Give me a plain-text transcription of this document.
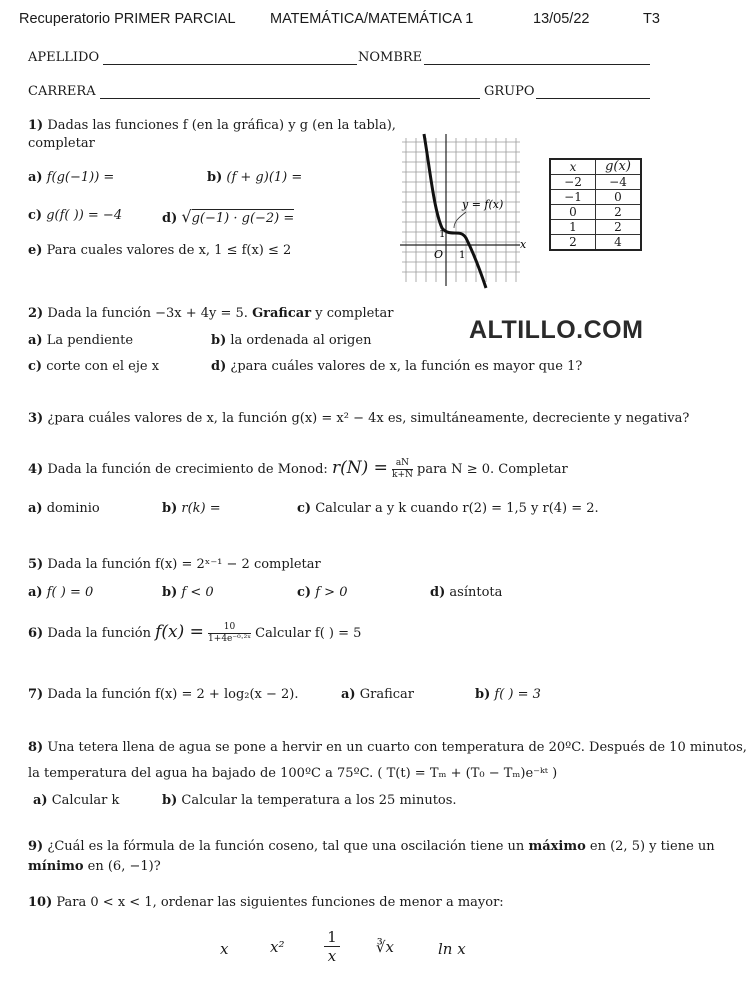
Recuperatorio PRIMER PARCIAL MATEMÁTICA/MATEMÁTICA 1	13/05/22	T3
APELLIDO	NOMBRE
CARRERA	GRUPO
1) Dadas las funciones f (en la gráfica) y g (en la tabla),
completar
a) f(g(−1)) =	b) (f + g)(1) =
c) g(f( )) = −4	d) √g(−1) · g(−2) =
e) Para cuales valores de x, 1 ≤ f(x) ≤ 2
y = f(x)
x
O 1
1
x	g(x)
−2	−4
−1	0
0	2
1	2
2	4
2) Dada la función −3x + 4y = 5. Graficar y completar
ALTILLO.COM
a) La pendiente	b) la ordenada al origen
c) corte con el eje x	d) ¿para cuáles valores de x, la función es mayor que 1?
3) ¿para cuáles valores de x, la función g(x) = x² − 4x es, simultáneamente, decreciente y negativa?
4) Dada la función de crecimiento de Monod: $r(N) = \frac{aN}{k+N}$ para N ≥ 0. Completar
a) dominio	b) r(k) =	c) Calcular a y k cuando r(2) = 1,5 y r(4) = 2.
5) Dada la función f(x) = 2ˣ⁻¹ − 2 completar
a) f( ) = 0	b) f < 0	c) f > 0	d) asíntota
6) Dada la función $f(x) = \frac{10}{\text{1+4e⁻⁰·²ˣ}}$ Calcular f( ) = 5
7) Dada la función f(x) = 2 + log₂(x − 2).	a) Graficar	b) f( ) = 3
8) Una tetera llena de agua se pone a hervir en un cuarto con temperatura de 20ºC. Después de 10 minutos,
la temperatura del agua ha bajado de 100ºC a 75ºC. ( T(t) = Tₘ + (T₀ − Tₘ)e⁻ᵏᵗ )
a) Calcular k	b) Calcular la temperatura a los 25 minutos.
9) ¿Cuál es la fórmula de la función coseno, tal que una oscilación tiene un máximo en (2, 5) y tiene un
mínimo en (6, −1)?
10) Para 0 < x < 1, ordenar las siguientes funciones de menor a mayor:
x	x²
1
x	∛x	ln x
